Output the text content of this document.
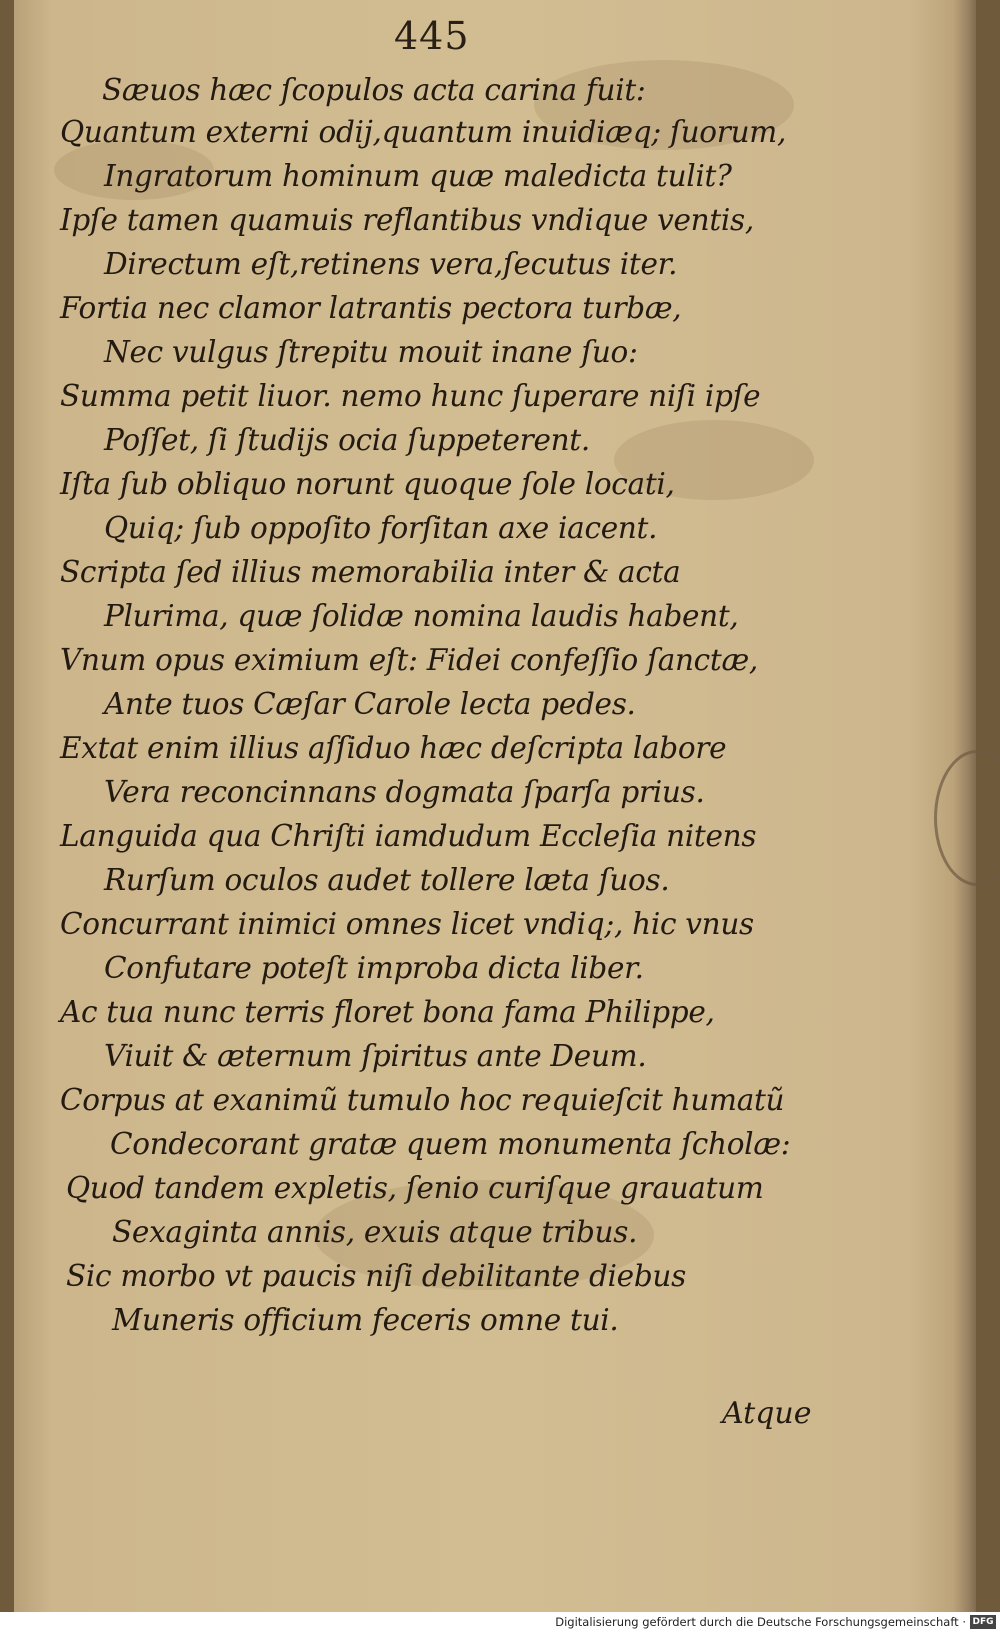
445
Sæuos hæc ſcopulos acta carina fuit:
Quantum externi odij,quantum inuidiæq; ſuorum,
Ingratorum hominum quæ maledicta tulit?
Ipſe tamen quamuis reflantibus vndique ventis,
Directum eſt,retinens vera,ſecutus iter.
Fortia nec clamor latrantis pectora turbæ,
Nec vulgus ſtrepitu mouit inane ſuo:
Summa petit liuor. nemo hunc ſuperare niſi ipſe
Poſſet, ſi ſtudijs ocia ſuppeterent.
Iſta ſub obliquo norunt quoque ſole locati,
Quiq; ſub oppoſito forſitan axe iacent.
Scripta ſed illius memorabilia inter & acta
Plurima, quæ ſolidæ nomina laudis habent,
Vnum opus eximium eſt: Fidei confeſſio ſanctæ,
Ante tuos Cæſar Carole lecta pedes.
Extat enim illius aſſiduo hæc deſcripta labore
Vera reconcinnans dogmata ſparſa prius.
Languida qua Chriſti iamdudum Eccleſia nitens
Rurſum oculos audet tollere læta ſuos.
Concurrant inimici omnes licet vndiq;, hic vnus
Confutare poteſt improba dicta liber.
Ac tua nunc terris floret bona fama Philippe,
Viuit & æternum ſpiritus ante Deum.
Corpus at exanimũ tumulo hoc requieſcit humatũ
Condecorant gratæ quem monumenta ſcholæ:
Quod tandem expletis, ſenio curiſque grauatum
Sexaginta annis, exuis atque tribus.
Sic morbo vt paucis niſi debilitante diebus
Muneris officium feceris omne tui.
Atque
Digitalisierung gefördert durch die Deutsche Forschungsgemeinschaft · DFG
